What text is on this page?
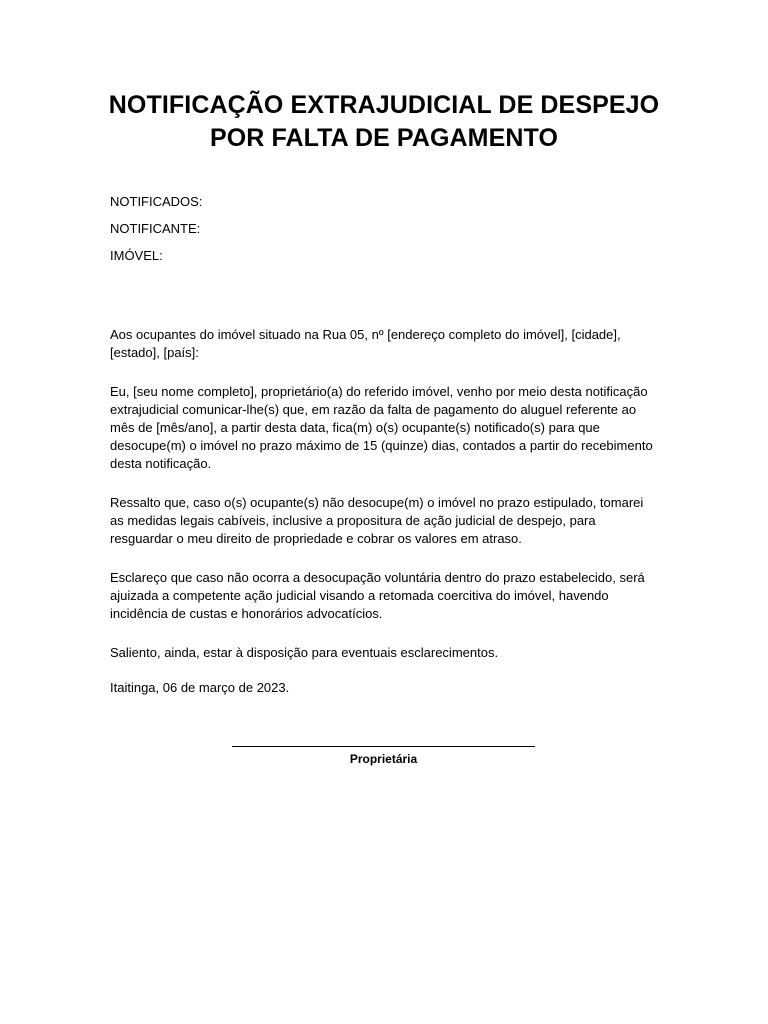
NOTIFICAÇÃO EXTRAJUDICIAL DE DESPEJO
POR FALTA DE PAGAMENTO
NOTIFICADOS:
NOTIFICANTE:
IMÓVEL:

Aos ocupantes do imóvel situado na Rua 05, nº [endereço completo do imóvel], [cidade], [estado], [país]:

Eu, [seu nome completo], proprietário(a) do referido imóvel, venho por meio desta notificação extrajudicial comunicar-lhe(s) que, em razão da falta de pagamento do aluguel referente ao mês de [mês/ano], a partir desta data, fica(m) o(s) ocupante(s) notificado(s) para que desocupe(m) o imóvel no prazo máximo de 15 (quinze) dias, contados a partir do recebimento desta notificação.

Ressalto que, caso o(s) ocupante(s) não desocupe(m) o imóvel no prazo estipulado, tomarei as medidas legais cabíveis, inclusive a propositura de ação judicial de despejo, para resguardar o meu direito de propriedade e cobrar os valores em atraso.

Esclareço que caso não ocorra a desocupação voluntária dentro do prazo estabelecido, será ajuizada a competente ação judicial visando a retomada coercitiva do imóvel, havendo incidência de custas e honorários advocatícios.

Saliento, ainda, estar à disposição para eventuais esclarecimentos.

Itaitinga, 06 de março de 2023.

Proprietária
